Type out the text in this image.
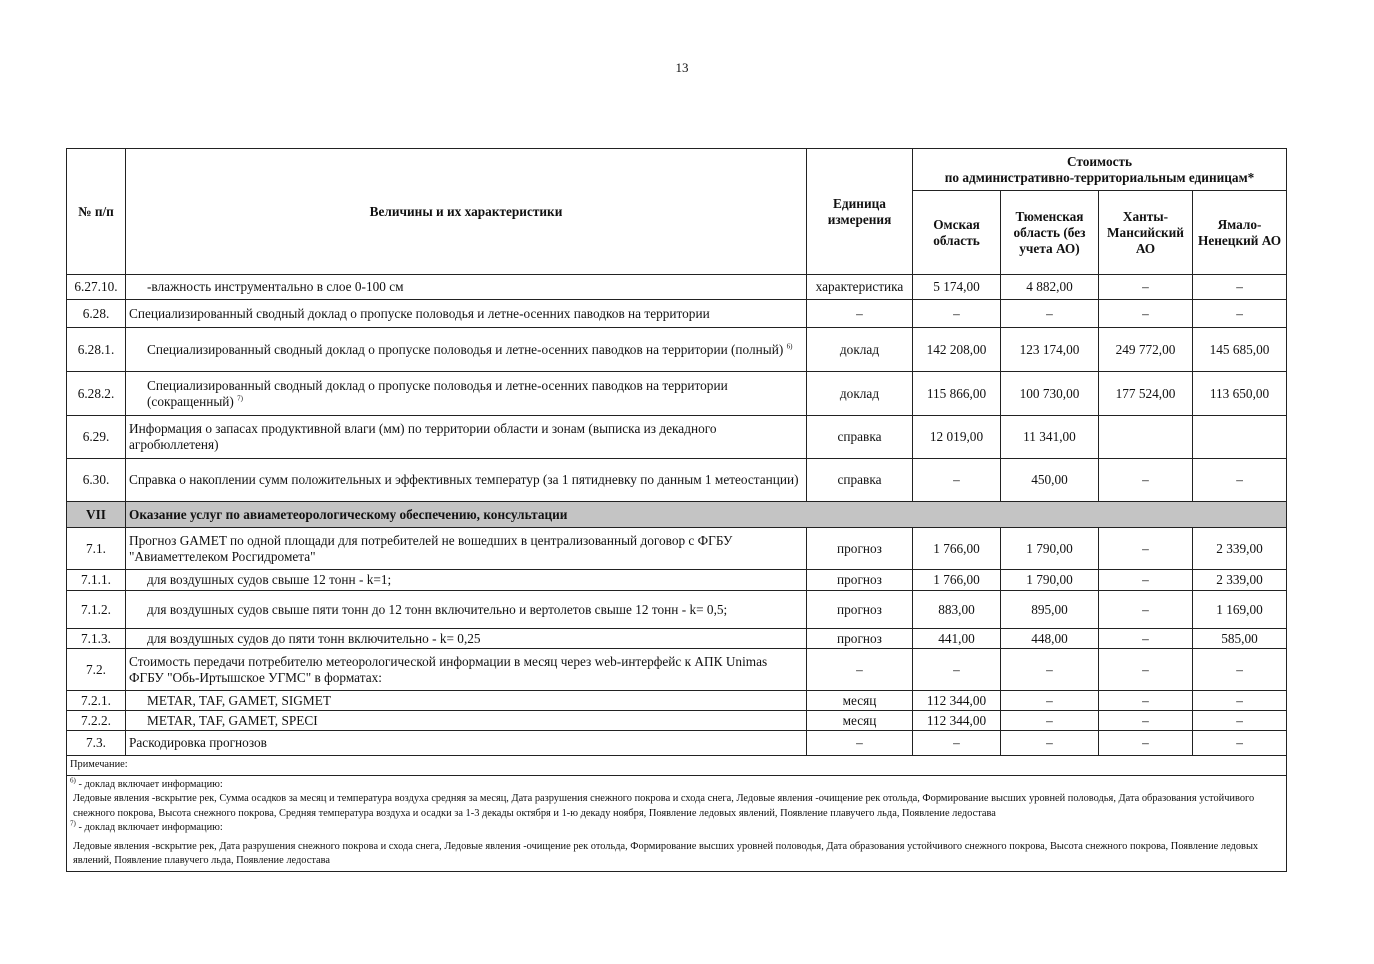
13
№ п/п	Величины и их характеристики	Единица измерения	Стоимость
по административно-территориальным единицам*			

			Омская область	Тюменская область (без учета АО)	Ханты-Мансийский АО	Ямало-Ненецкий АО
6.27.10.	-влажность инструментально в слое 0-100 см	характеристика	5 174,00	4 882,00	–	–
6.28.	Специализированный сводный доклад о пропуске половодья и летне-осенних паводков на территории	–	–	–	–	–
6.28.1.	Специализированный сводный доклад о пропуске половодья и летне-осенних паводков на территории (полный) $^{6)}$	доклад	142 208,00	123 174,00	249 772,00	145 685,00
6.28.2.	Специализированный сводный доклад о пропуске половодья и летне-осенних паводков на территории (сокращенный) $^{7)}$	доклад	115 866,00	100 730,00	177 524,00	113 650,00
6.29.	Информация о запасах продуктивной влаги (мм) по территории области и зонам (выписка из декадного агробюллетеня)	справка	12 019,00	11 341,00		
6.30.	Справка о накоплении сумм положительных и эффективных температур (за 1 пятидневку по данным 1 метеостанции)	справка	–	450,00	–	–
VII	Оказание услуг по авиаметеорологическому обеспечению, консультации					
7.1.	Прогноз GAMET по одной площади для потребителей не вошедших в централизованный договор с ФГБУ "Авиаметтелеком Росгидромета"	прогноз	1 766,00	1 790,00	–	2 339,00
7.1.1.	для воздушных судов свыше 12 тонн - k=1;	прогноз	1 766,00	1 790,00	–	2 339,00
7.1.2.	для воздушных судов свыше пяти тонн до 12 тонн включительно и вертолетов свыше 12 тонн - k= 0,5;	прогноз	883,00	895,00	–	1 169,00
7.1.3.	для воздушных судов до пяти тонн включительно - k= 0,25	прогноз	441,00	448,00	–	585,00
7.2.	Стоимость передачи потребителю метеорологической информации в месяц через web-интерфейс к АПК Unimas ФГБУ "Обь-Иртышское УГМС" в форматах:	–	–	–	–	–
7.2.1.	METAR, TAF, GAMET, SIGMET	месяц	112 344,00	–	–	–
7.2.2.	METAR, TAF, GAMET, SPECI	месяц	112 344,00	–	–	–
7.3.	Раскодировка прогнозов	–	–	–	–	–
Примечание:						

$^{6)}$ - доклад включает информацию:
Ледовые явления -вскрытие рек, Сумма осадков за месяц и температура воздуха средняя за месяц, Дата разрушения снежного покрова и схода снега, Ледовые явления -очищение рек отольда, Формирование высших уровней половодья, Дата образования устойчивого снежного покрова, Высота снежного покрова, Средняя температура воздуха и осадки за 1-3 декады октября и 1-ю декаду ноября, Появление ледовых явлений, Появление плавучего льда, Появление ледостава
$^{7)}$ - доклад включает информацию:
Ледовые явления -вскрытие рек, Дата разрушения снежного покрова и схода снега, Ледовые явления -очищение рек отольда, Формирование высших уровней половодья, Дата образования устойчивого снежного покрова, Высота снежного покрова, Появление ледовых явлений, Появление плавучего льда, Появление ледостава						
